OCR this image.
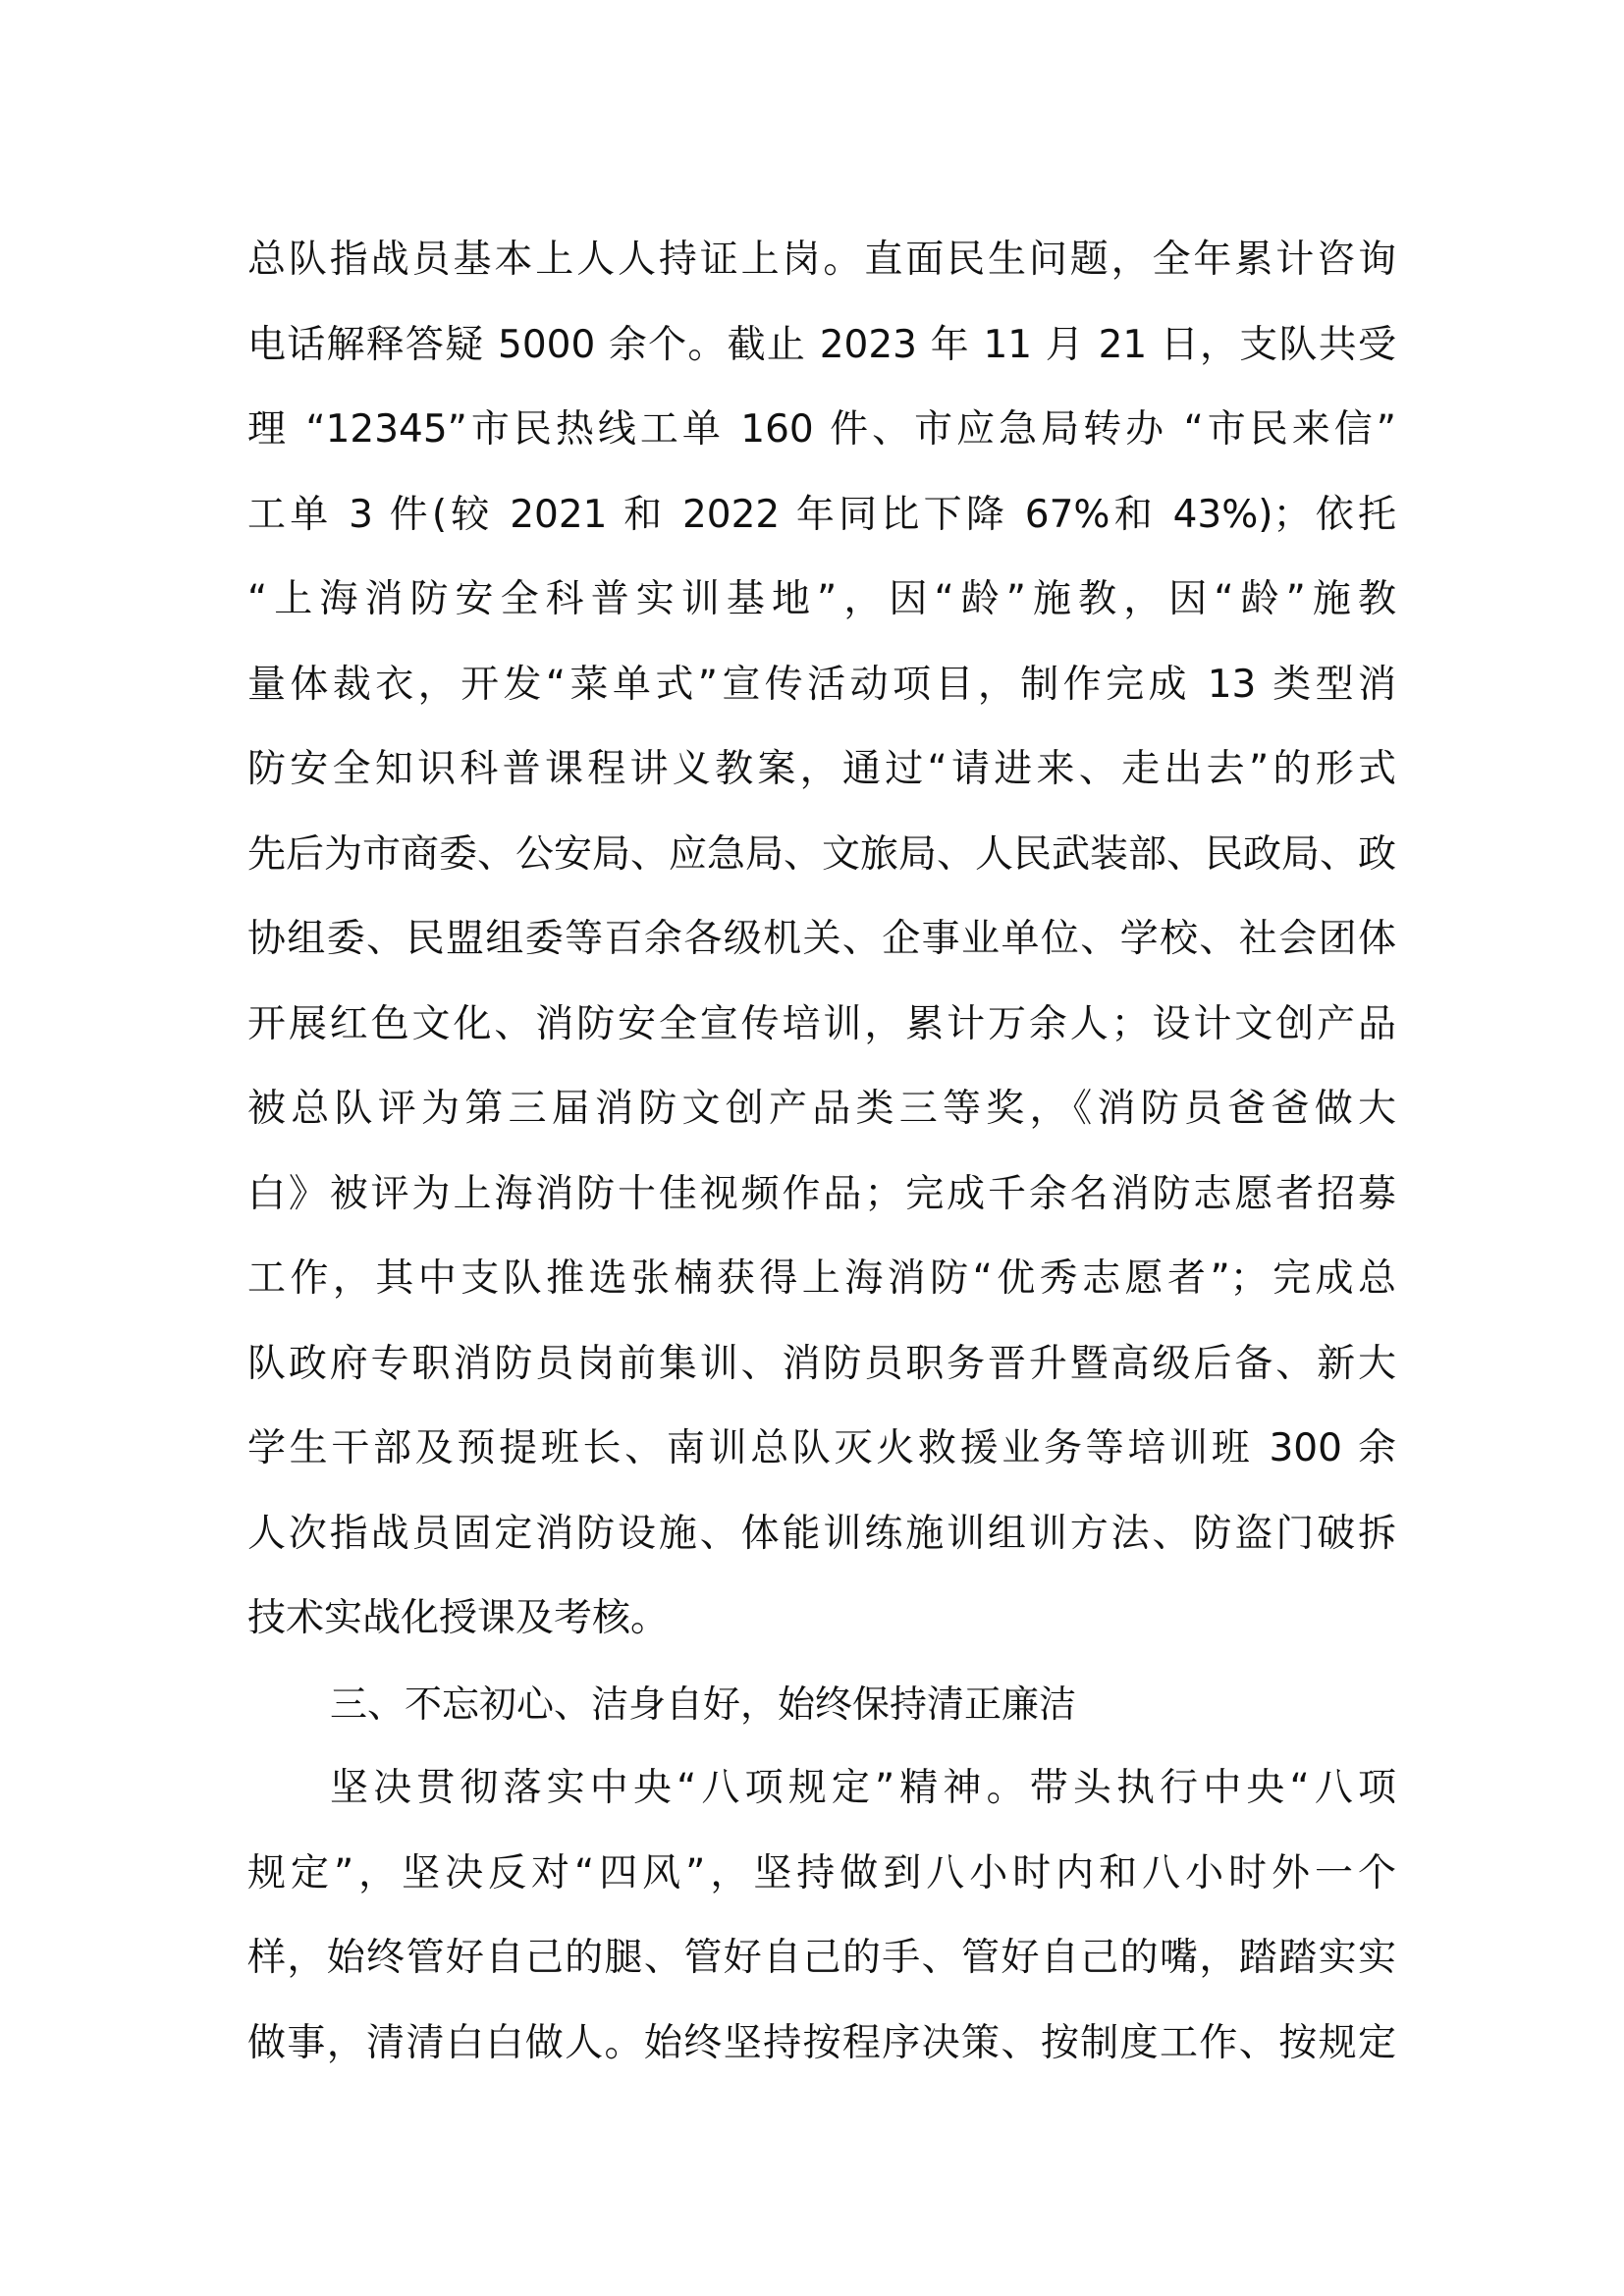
总队指战员基本上人人持证上岗。直面民生问题，全年累计咨询
电话解释答疑 5000 余个。截止 2023 年 11 月 21 日，支队共受
理 “12345”市民热线工单 160 件、市应急局转办 “市民来信”
工单 3 件(较 2021 和 2022 年同比下降 67%和 43%)；依托
“上海消防安全科普实训基地”，因“龄”施教，因“龄”施教
量体裁衣，开发“菜单式”宣传活动项目，制作完成 13 类型消
防安全知识科普课程讲义教案，通过“请进来、走出去”的形式
先后为市商委、公安局、应急局、文旅局、人民武装部、民政局、政
协组委、民盟组委等百余各级机关、企事业单位、学校、社会团体
开展红色文化、消防安全宣传培训，累计万余人；设计文创产品
被总队评为第三届消防文创产品类三等奖，《消防员爸爸做大
白》被评为上海消防十佳视频作品；完成千余名消防志愿者招募
工作，其中支队推选张楠获得上海消防“优秀志愿者”；完成总
队政府专职消防员岗前集训、消防员职务晋升暨高级后备、新大
学生干部及预提班长、南训总队灭火救援业务等培训班 300 余
人次指战员固定消防设施、体能训练施训组训方法、防盗门破拆
技术实战化授课及考核。
三、不忘初心、洁身自好，始终保持清正廉洁
坚决贯彻落实中央“八项规定”精神。带头执行中央“八项
规定”，坚决反对“四风”，坚持做到八小时内和八小时外一个
样，始终管好自己的腿、管好自己的手、管好自己的嘴，踏踏实实
做事，清清白白做人。始终坚持按程序决策、按制度工作、按规定
